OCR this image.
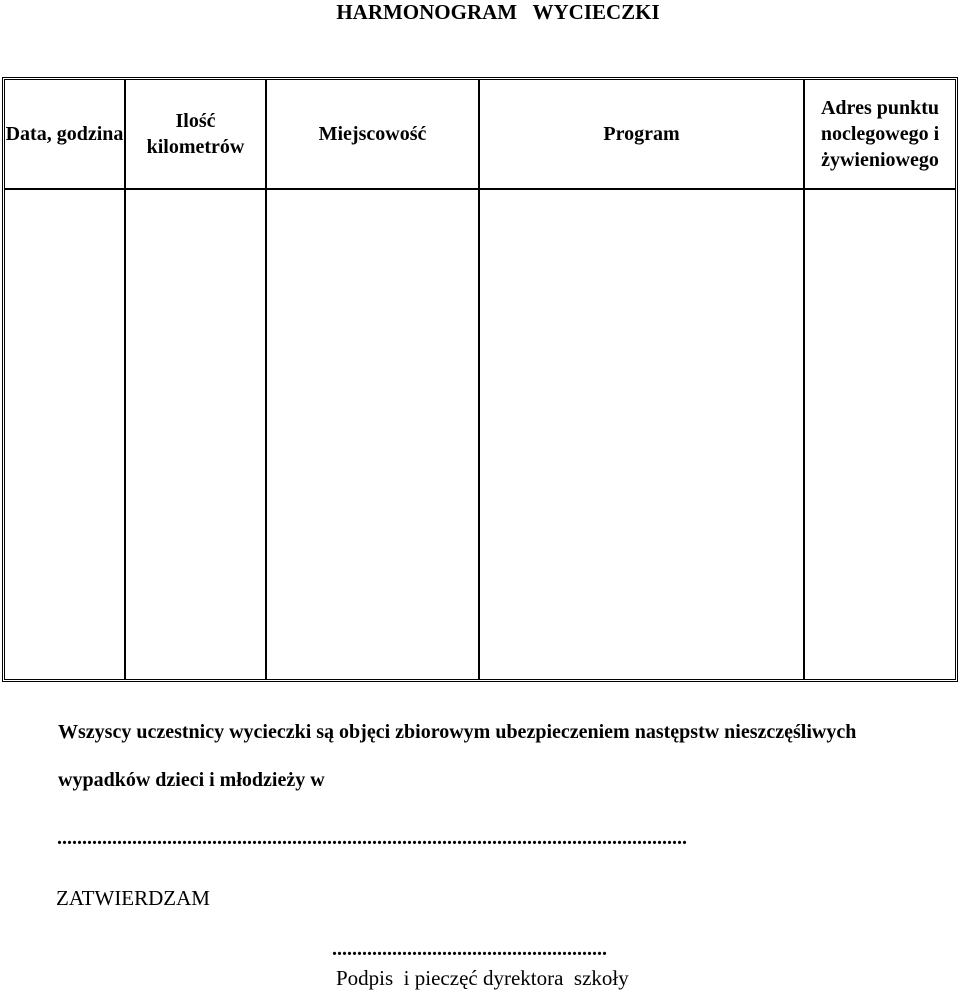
HARMONOGRAM   WYCIECZKI
Data, godzina	Ilość kilometrów	Miejscowość	Program	Adres punktu noclegowego i żywieniowego

Wszyscy uczestnicy wycieczki są objęci zbiorowym ubezpieczeniem następstw nieszczęśliwych wypadków dzieci i młodzieży w
..............................................................................................................................
ZATWIERDZAM
.......................................................
Podpis  i pieczęć dyrektora  szkoły
